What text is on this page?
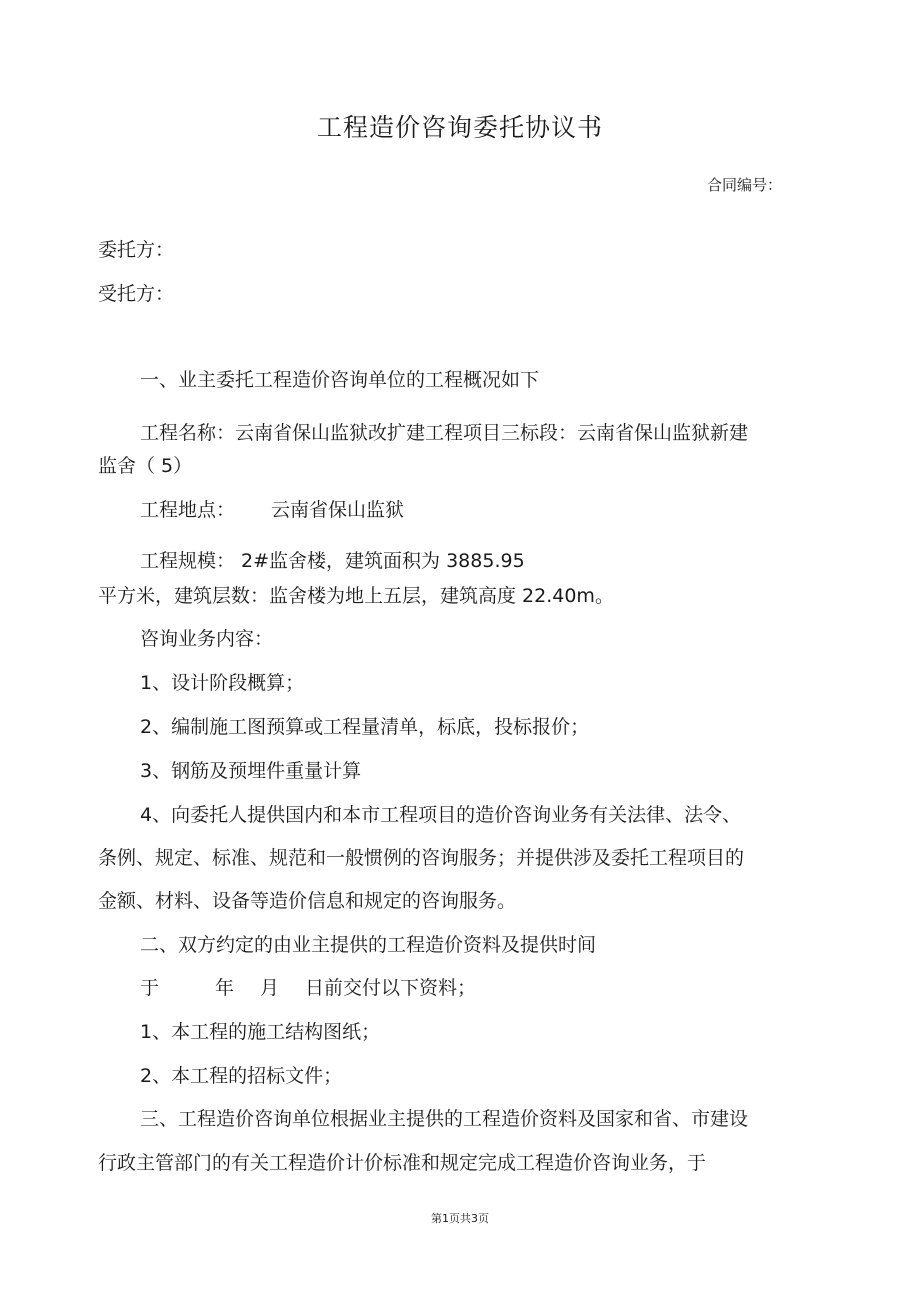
工程造价咨询委托协议书
合同编号：
委托方：
受托方：
一、业主委托工程造价咨询单位的工程概况如下
工程名称：云南省保山监狱改扩建工程项目三标段：云南省保山监狱新建
监舍（ 5）
工程地点： 云南省保山监狱
工程规模： 2#监舍楼，建筑面积为 3885.95
平方米，建筑层数：监舍楼为地上五层，建筑高度 22.40m。
咨询业务内容：
1、设计阶段概算；
2、编制施工图预算或工程量清单，标底，投标报价；
3、钢筋及预埋件重量计算
4、向委托人提供国内和本市工程项目的造价咨询业务有关法律、法令、
条例、规定、标准、规范和一般惯例的咨询服务；并提供涉及委托工程项目的
金额、材料、设备等造价信息和规定的咨询服务。
二、双方约定的由业主提供的工程造价资料及提供时间
于	年 月 日前交付以下资料；
1、本工程的施工结构图纸；
2、本工程的招标文件；
三、工程造价咨询单位根据业主提供的工程造价资料及国家和省、市建设
行政主管部门的有关工程造价计价标准和规定完成工程造价咨询业务，于
第1页共3页
